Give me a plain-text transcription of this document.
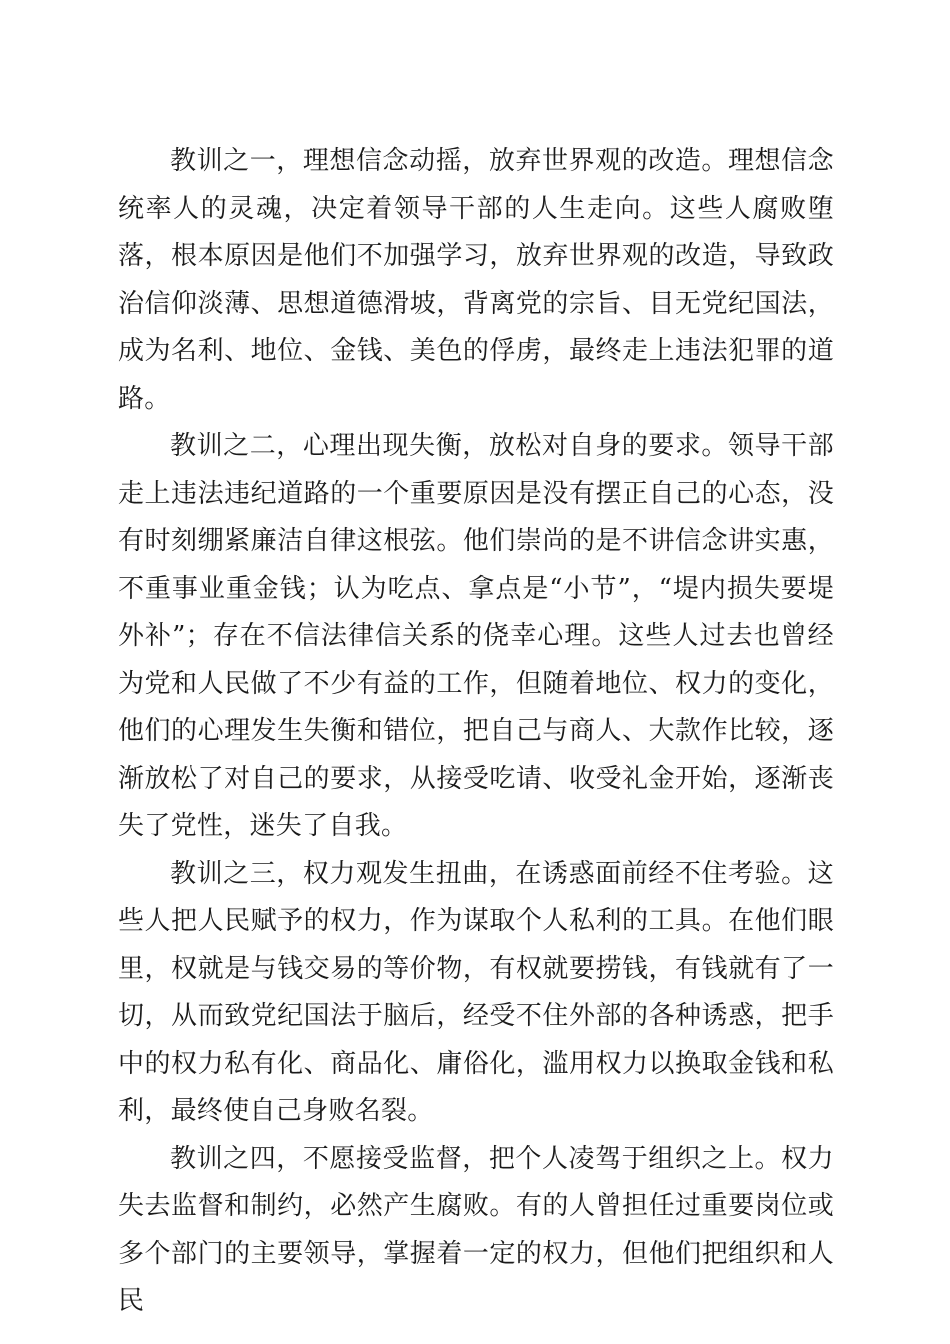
教训之一，理想信念动摇，放弃世界观的改造。理想信念统率人的灵魂，决定着领导干部的人生走向。这些人腐败堕落，根本原因是他们不加强学习，放弃世界观的改造，导致政治信仰淡薄、思想道德滑坡，背离党的宗旨、目无党纪国法，成为名利、地位、金钱、美色的俘虏，最终走上违法犯罪的道路。

教训之二，心理出现失衡，放松对自身的要求。领导干部走上违法违纪道路的一个重要原因是没有摆正自己的心态，没有时刻绷紧廉洁自律这根弦。他们崇尚的是不讲信念讲实惠，不重事业重金钱；认为吃点、拿点是“小节”，“堤内损失要堤外补”；存在不信法律信关系的侥幸心理。这些人过去也曾经为党和人民做了不少有益的工作，但随着地位、权力的变化，他们的心理发生失衡和错位，把自己与商人、大款作比较，逐渐放松了对自己的要求，从接受吃请、收受礼金开始，逐渐丧失了党性，迷失了自我。

教训之三，权力观发生扭曲，在诱惑面前经不住考验。这些人把人民赋予的权力，作为谋取个人私利的工具。在他们眼里，权就是与钱交易的等价物，有权就要捞钱，有钱就有了一切，从而致党纪国法于脑后，经受不住外部的各种诱惑，把手中的权力私有化、商品化、庸俗化，滥用权力以换取金钱和私利，最终使自己身败名裂。

教训之四，不愿接受监督，把个人凌驾于组织之上。权力失去监督和制约，必然产生腐败。有的人曾担任过重要岗位或多个部门的主要领导，掌握着一定的权力，但他们把组织和人民
